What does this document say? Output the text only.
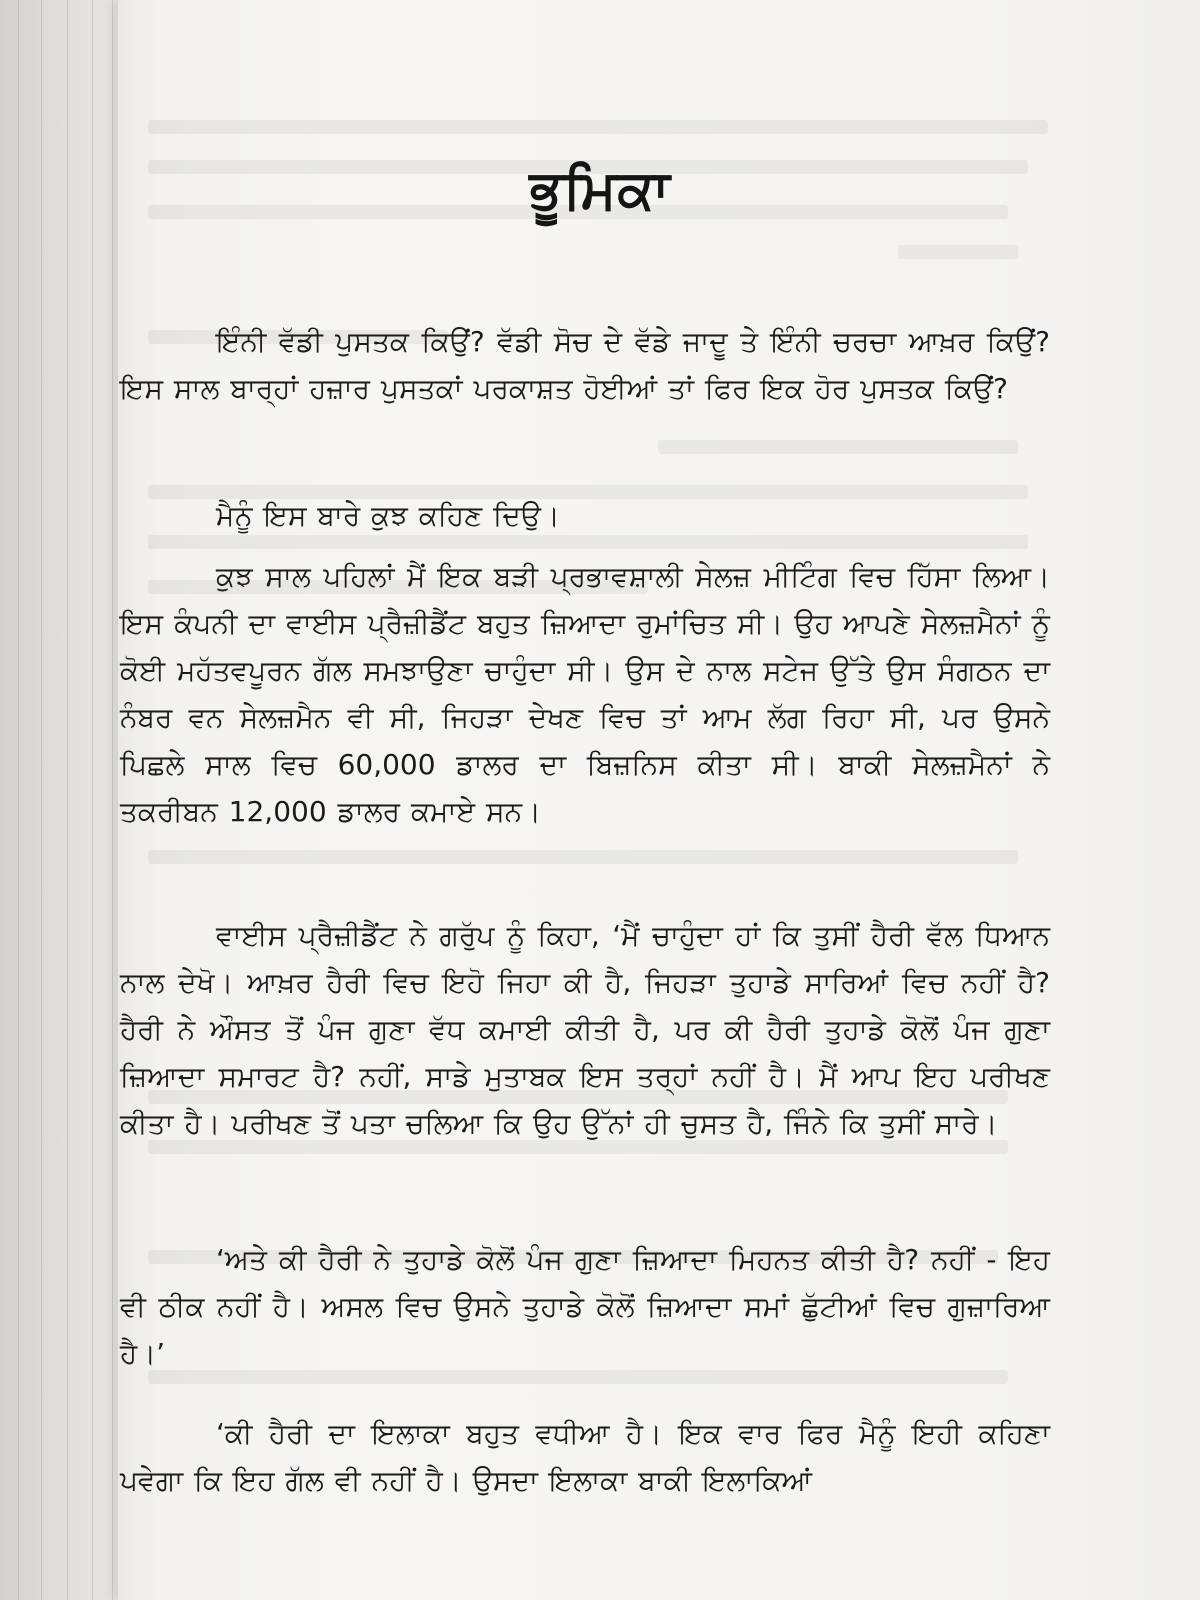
ਭੂਮਿਕਾ

ਇੰਨੀ ਵੱਡੀ ਪੁਸਤਕ ਕਿਉਂ? ਵੱਡੀ ਸੋਚ ਦੇ ਵੱਡੇ ਜਾਦੂ ਤੇ ਇੰਨੀ ਚਰਚਾ ਆਖ਼ਰ ਕਿਉਂ? ਇਸ ਸਾਲ ਬਾਰ੍ਹਾਂ ਹਜ਼ਾਰ ਪੁਸਤਕਾਂ ਪਰਕਾਸ਼ਤ ਹੋਈਆਂ ਤਾਂ ਫਿਰ ਇਕ ਹੋਰ ਪੁਸਤਕ ਕਿਉਂ?

ਮੈਨੂੰ ਇਸ ਬਾਰੇ ਕੁਝ ਕਹਿਣ ਦਿਉ।

ਕੁਝ ਸਾਲ ਪਹਿਲਾਂ ਮੈਂ ਇਕ ਬੜੀ ਪ੍ਰਭਾਵਸ਼ਾਲੀ ਸੇਲਜ਼ ਮੀਟਿੰਗ ਵਿਚ ਹਿੱਸਾ ਲਿਆ। ਇਸ ਕੰਪਨੀ ਦਾ ਵਾਈਸ ਪ੍ਰੈਜ਼ੀਡੈਂਟ ਬਹੁਤ ਜ਼ਿਆਦਾ ਰੁਮਾਂਚਿਤ ਸੀ। ਉਹ ਆਪਣੇ ਸੇਲਜ਼ਮੈਨਾਂ ਨੂੰ ਕੋਈ ਮਹੱਤਵਪੂਰਨ ਗੱਲ ਸਮਝਾਉਣਾ ਚਾਹੁੰਦਾ ਸੀ। ਉਸ ਦੇ ਨਾਲ ਸਟੇਜ ਉੱਤੇ ਉਸ ਸੰਗਠਨ ਦਾ ਨੰਬਰ ਵਨ ਸੇਲਜ਼ਮੈਨ ਵੀ ਸੀ, ਜਿਹੜਾ ਦੇਖਣ ਵਿਚ ਤਾਂ ਆਮ ਲੱਗ ਰਿਹਾ ਸੀ, ਪਰ ਉਸਨੇ ਪਿਛਲੇ ਸਾਲ ਵਿਚ 60,000 ਡਾਲਰ ਦਾ ਬਿਜ਼ਨਿਸ ਕੀਤਾ ਸੀ। ਬਾਕੀ ਸੇਲਜ਼ਮੈਨਾਂ ਨੇ ਤਕਰੀਬਨ 12,000 ਡਾਲਰ ਕਮਾਏ ਸਨ।

ਵਾਈਸ ਪ੍ਰੈਜ਼ੀਡੈਂਟ ਨੇ ਗਰੁੱਪ ਨੂੰ ਕਿਹਾ, ‘ਮੈਂ ਚਾਹੁੰਦਾ ਹਾਂ ਕਿ ਤੁਸੀਂ ਹੈਰੀ ਵੱਲ ਧਿਆਨ ਨਾਲ ਦੇਖੋ। ਆਖ਼ਰ ਹੈਰੀ ਵਿਚ ਇਹੋ ਜਿਹਾ ਕੀ ਹੈ, ਜਿਹੜਾ ਤੁਹਾਡੇ ਸਾਰਿਆਂ ਵਿਚ ਨਹੀਂ ਹੈ? ਹੈਰੀ ਨੇ ਔਸਤ ਤੋਂ ਪੰਜ ਗੁਣਾ ਵੱਧ ਕਮਾਈ ਕੀਤੀ ਹੈ, ਪਰ ਕੀ ਹੈਰੀ ਤੁਹਾਡੇ ਕੋਲੋਂ ਪੰਜ ਗੁਣਾ ਜ਼ਿਆਦਾ ਸਮਾਰਟ ਹੈ? ਨਹੀਂ, ਸਾਡੇ ਮੁਤਾਬਕ ਇਸ ਤਰ੍ਹਾਂ ਨਹੀਂ ਹੈ। ਮੈਂ ਆਪ ਇਹ ਪਰੀਖਣ ਕੀਤਾ ਹੈ। ਪਰੀਖਣ ਤੋਂ ਪਤਾ ਚਲਿਆ ਕਿ ਉਹ ਉੱਨਾਂ ਹੀ ਚੁਸਤ ਹੈ, ਜਿੰਨੇ ਕਿ ਤੁਸੀਂ ਸਾਰੇ।

‘ਅਤੇ ਕੀ ਹੈਰੀ ਨੇ ਤੁਹਾਡੇ ਕੋਲੋਂ ਪੰਜ ਗੁਣਾ ਜ਼ਿਆਦਾ ਮਿਹਨਤ ਕੀਤੀ ਹੈ? ਨਹੀਂ - ਇਹ ਵੀ ਠੀਕ ਨਹੀਂ ਹੈ। ਅਸਲ ਵਿਚ ਉਸਨੇ ਤੁਹਾਡੇ ਕੋਲੋਂ ਜ਼ਿਆਦਾ ਸਮਾਂ ਛੁੱਟੀਆਂ ਵਿਚ ਗੁਜ਼ਾਰਿਆ ਹੈ।’

‘ਕੀ ਹੈਰੀ ਦਾ ਇਲਾਕਾ ਬਹੁਤ ਵਧੀਆ ਹੈ। ਇਕ ਵਾਰ ਫਿਰ ਮੈਨੂੰ ਇਹੀ ਕਹਿਣਾ ਪਵੇਗਾ ਕਿ ਇਹ ਗੱਲ ਵੀ ਨਹੀਂ ਹੈ। ਉਸਦਾ ਇਲਾਕਾ ਬਾਕੀ ਇਲਾਕਿਆਂ
